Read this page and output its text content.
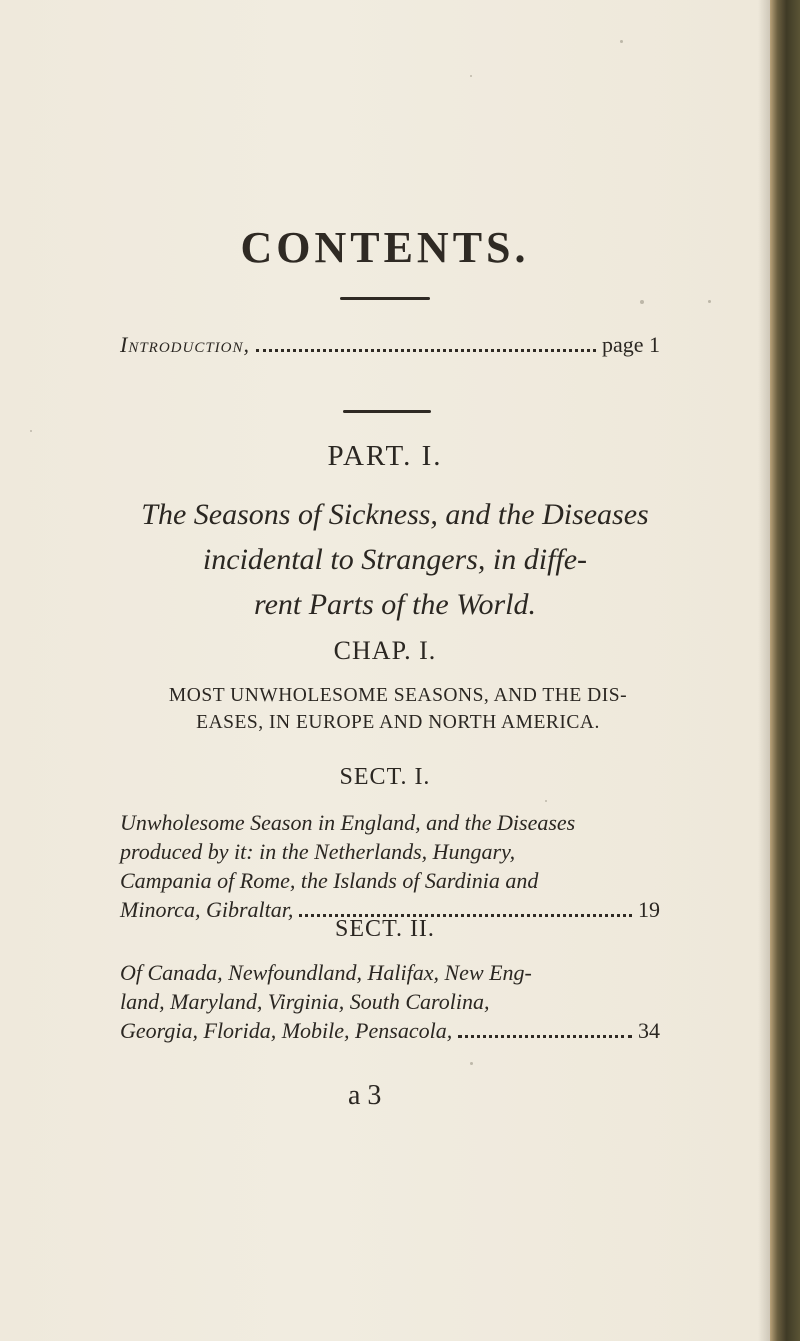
CONTENTS.
Introduction,	page 1
PART. I.
The Seasons of Sickness, and the Diseases
incidental to Strangers, in diffe-
rent Parts of the World.
CHAP. I.
MOST UNWHOLESOME SEASONS, AND THE DIS-
EASES, IN EUROPE AND NORTH AMERICA.
SECT. I.
Unwholesome Season in England, and the Diseases
produced by it: in the Netherlands, Hungary,
Campania of Rome, the Islands of Sardinia and
Minorca, Gibraltar,	19
SECT. II.
Of Canada, Newfoundland, Halifax, New Eng-
land, Maryland, Virginia, South Carolina,
Georgia, Florida, Mobile, Pensacola,	34
a 3
